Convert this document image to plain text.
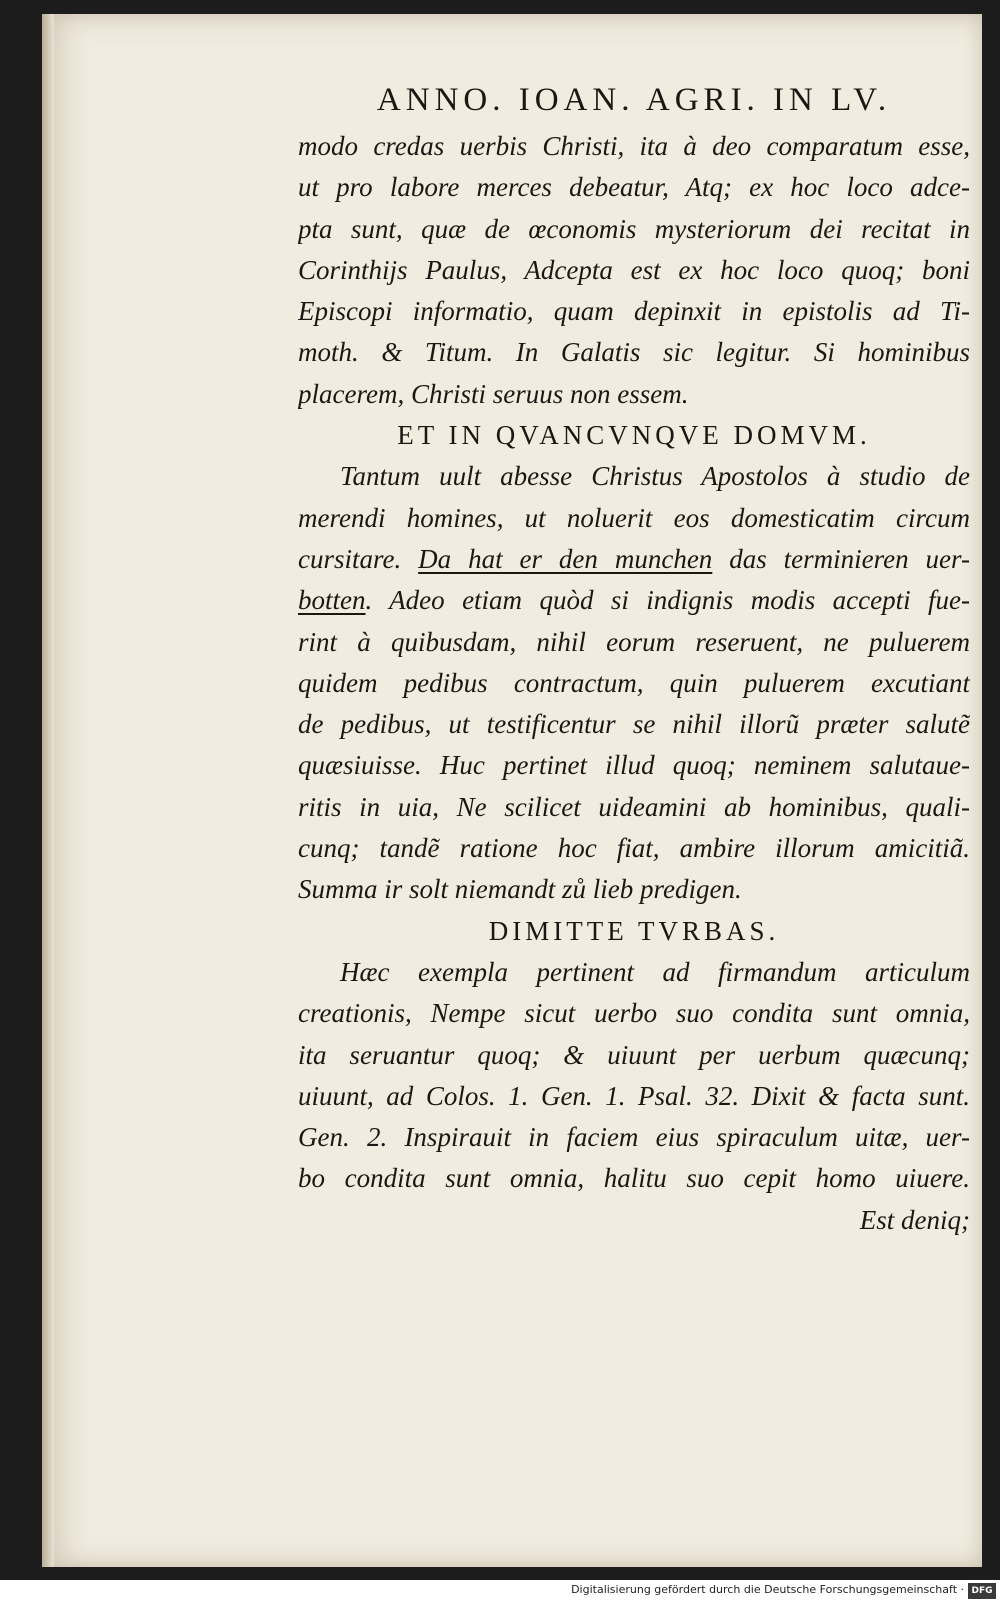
ANNO. IOAN. AGRI. IN LV.
modo credas uerbis Christi, ita à deo comparatum esse,
ut pro labore merces debeatur, Atq; ex hoc loco adce-
pta sunt, quæ de œconomis mysteriorum dei recitat in
Corinthijs Paulus, Adcepta est ex hoc loco quoq; boni
Episcopi informatio, quam depinxit in epistolis ad Ti-
moth. & Titum. In Galatis sic legitur. Si hominibus
placerem, Christi seruus non essem.
ET IN QVANCVNQVE DOMVM.
Tantum uult abesse Christus Apostolos à studio de
merendi homines, ut noluerit eos domesticatim circum
cursitare. Da hat er den munchen das terminieren uer-
botten. Adeo etiam quòd si indignis modis accepti fue-
rint à quibusdam, nihil eorum reseruent, ne puluerem
quidem pedibus contractum, quin puluerem excutiant
de pedibus, ut testificentur se nihil illorũ præter salutẽ
quæsiuisse. Huc pertinet illud quoq; neminem salutaue-
ritis in uia, Ne scilicet uideamini ab hominibus, quali-
cunq; tandẽ ratione hoc fiat, ambire illorum amicitiã.
Summa ir solt niemandt zů lieb predigen.
DIMITTE TVRBAS.
Hæc exempla pertinent ad firmandum articulum
creationis, Nempe sicut uerbo suo condita sunt omnia,
ita seruantur quoq; & uiuunt per uerbum quæcunq;
uiuunt, ad Colos. 1. Gen. 1. Psal. 32. Dixit & facta sunt.
Gen. 2. Inspirauit in faciem eius spiraculum uitæ, uer-
bo condita sunt omnia, halitu suo cepit homo uiuere.
Est deniq;
Digitalisierung gefördert durch die Deutsche Forschungsgemeinschaft · DFG
